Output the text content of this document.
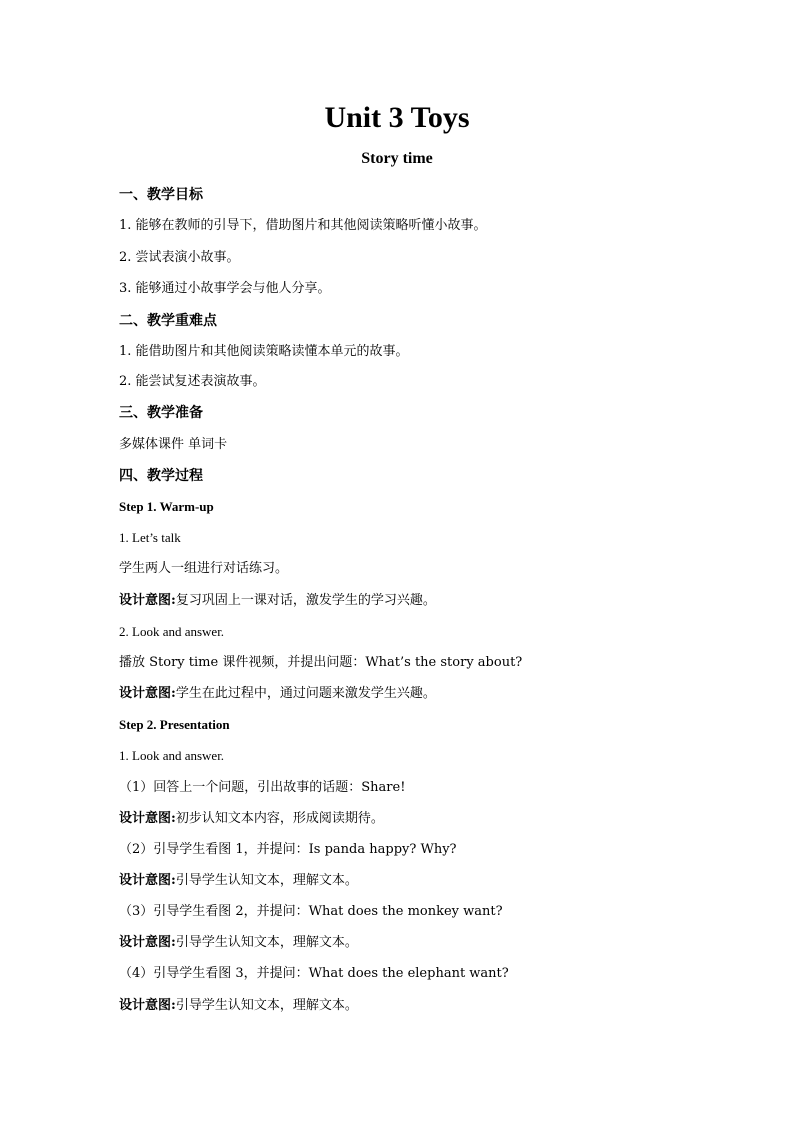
Unit 3 Toys
Story time
一、教学目标
1. 能够在教师的引导下，借助图片和其他阅读策略听懂小故事。
2. 尝试表演小故事。
3. 能够通过小故事学会与他人分享。
二、教学重难点
1. 能借助图片和其他阅读策略读懂本单元的故事。
2. 能尝试复述表演故事。
三、教学准备
多媒体课件 单词卡
四、教学过程
Step 1. Warm-up
1. Let’s talk
学生两人一组进行对话练习。
设计意图:复习巩固上一课对话，激发学生的学习兴趣。
2. Look and answer.
播放 Story time 课件视频，并提出问题：What’s the story about?
设计意图:学生在此过程中，通过问题来激发学生兴趣。
Step 2. Presentation
1. Look and answer.
（1）回答上一个问题，引出故事的话题：Share!
设计意图:初步认知文本内容，形成阅读期待。
（2）引导学生看图 1，并提问：Is panda happy? Why?
设计意图:引导学生认知文本，理解文本。
（3）引导学生看图 2，并提问：What does the monkey want?
设计意图:引导学生认知文本，理解文本。
（4）引导学生看图 3，并提问：What does the elephant want?
设计意图:引导学生认知文本，理解文本。
